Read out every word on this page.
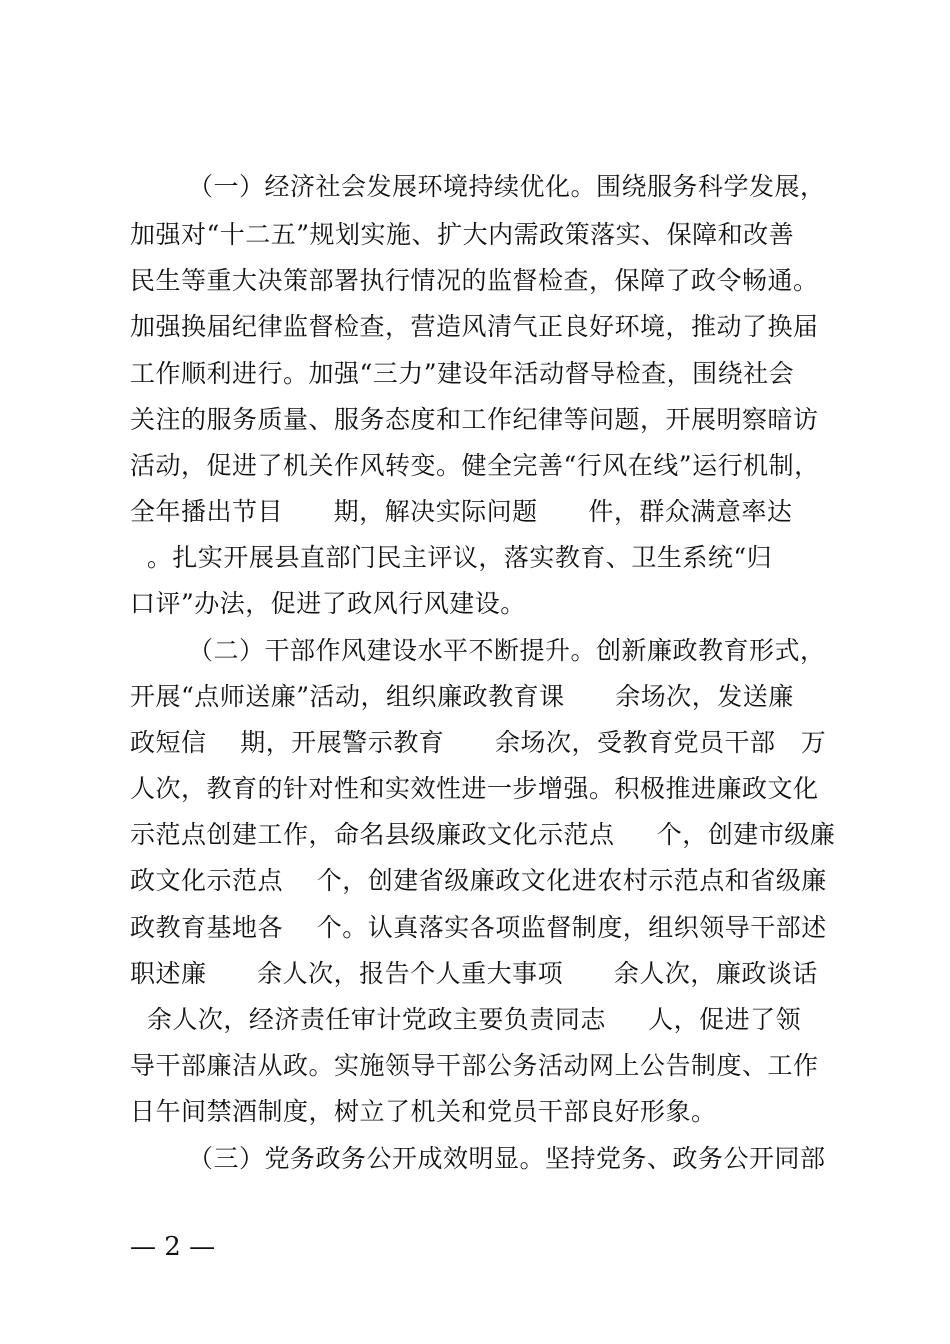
（一）经济社会发展环境持续优化。围绕服务科学发展，
加强对“十二五”规划实施、扩大内需政策落实、保障和改善
民生等重大决策部署执行情况的监督检查，保障了政令畅通。
加强换届纪律监督检查，营造风清气正良好环境，推动了换届
工作顺利进行。加强“三力”建设年活动督导检查，围绕社会
关注的服务质量、服务态度和工作纪律等问题，开展明察暗访
活动，促进了机关作风转变。健全完善“行风在线”运行机制，
全年播出节目      期，解决实际问题      件，群众满意率达
。扎实开展县直部门民主评议，落实教育、卫生系统“归
口评”办法，促进了政风行风建设。
（二）干部作风建设水平不断提升。创新廉政教育形式，
开展“点师送廉”活动，组织廉政教育课      余场次，发送廉
政短信    期，开展警示教育      余场次，受教育党员干部   万
人次，教育的针对性和实效性进一步增强。积极推进廉政文化
示范点创建工作，命名县级廉政文化示范点     个，创建市级廉
政文化示范点    个，创建省级廉政文化进农村示范点和省级廉
政教育基地各    个。认真落实各项监督制度，组织领导干部述
职述廉      余人次，报告个人重大事项      余人次，廉政谈话
余人次，经济责任审计党政主要负责同志     人，促进了领
导干部廉洁从政。实施领导干部公务活动网上公告制度、工作
日午间禁酒制度，树立了机关和党员干部良好形象。
（三）党务政务公开成效明显。坚持党务、政务公开同部
— 2 —
